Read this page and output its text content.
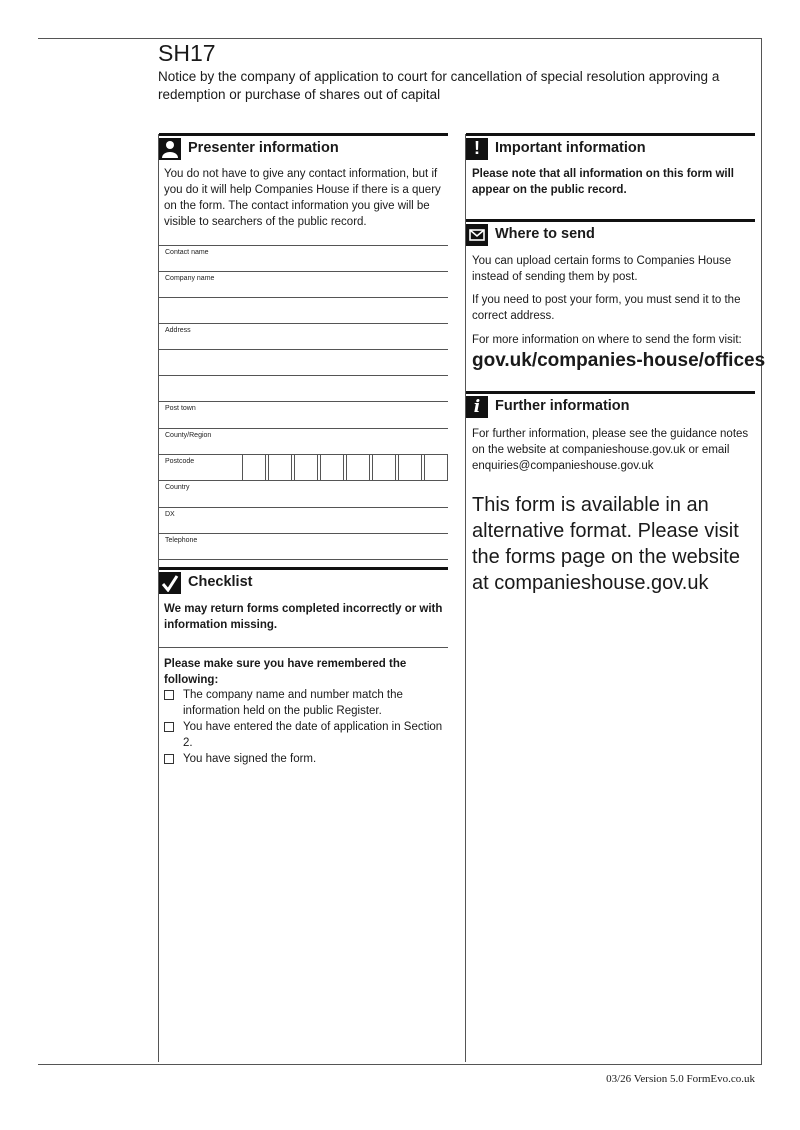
SH17
Notice by the company of application to court for cancellation of special resolution approving a redemption or purchase of shares out of capital
Presenter information
You do not have to give any contact information, but if you do it will help Companies House if there is a query on the form. The contact information you give will be visible to searchers of the public record.
Contact name
Company name
Address
Post town
County/Region
Postcode
Country
DX
Telephone
Checklist
We may return forms completed incorrectly or with information missing.
Please make sure you have remembered the following:
The company name and number match the information held on the public Register.
You have entered the date of application in Section 2.
You have signed the form.
!	Important information
Please note that all information on this form will appear on the public record.
Where to send
You can upload certain forms to Companies House instead of sending them by post.
If you need to post your form, you must send it to the correct address.
For more information on where to send the form visit:
gov.uk/companies-house/offices
i	Further information
For further information, please see the guidance notes on the website at companieshouse.gov.uk or email enquiries@companieshouse.gov.uk
This form is available in an alternative format. Please visit the forms page on the website at companieshouse.gov.uk
03/26 Version 5.0 FormEvo.co.uk
